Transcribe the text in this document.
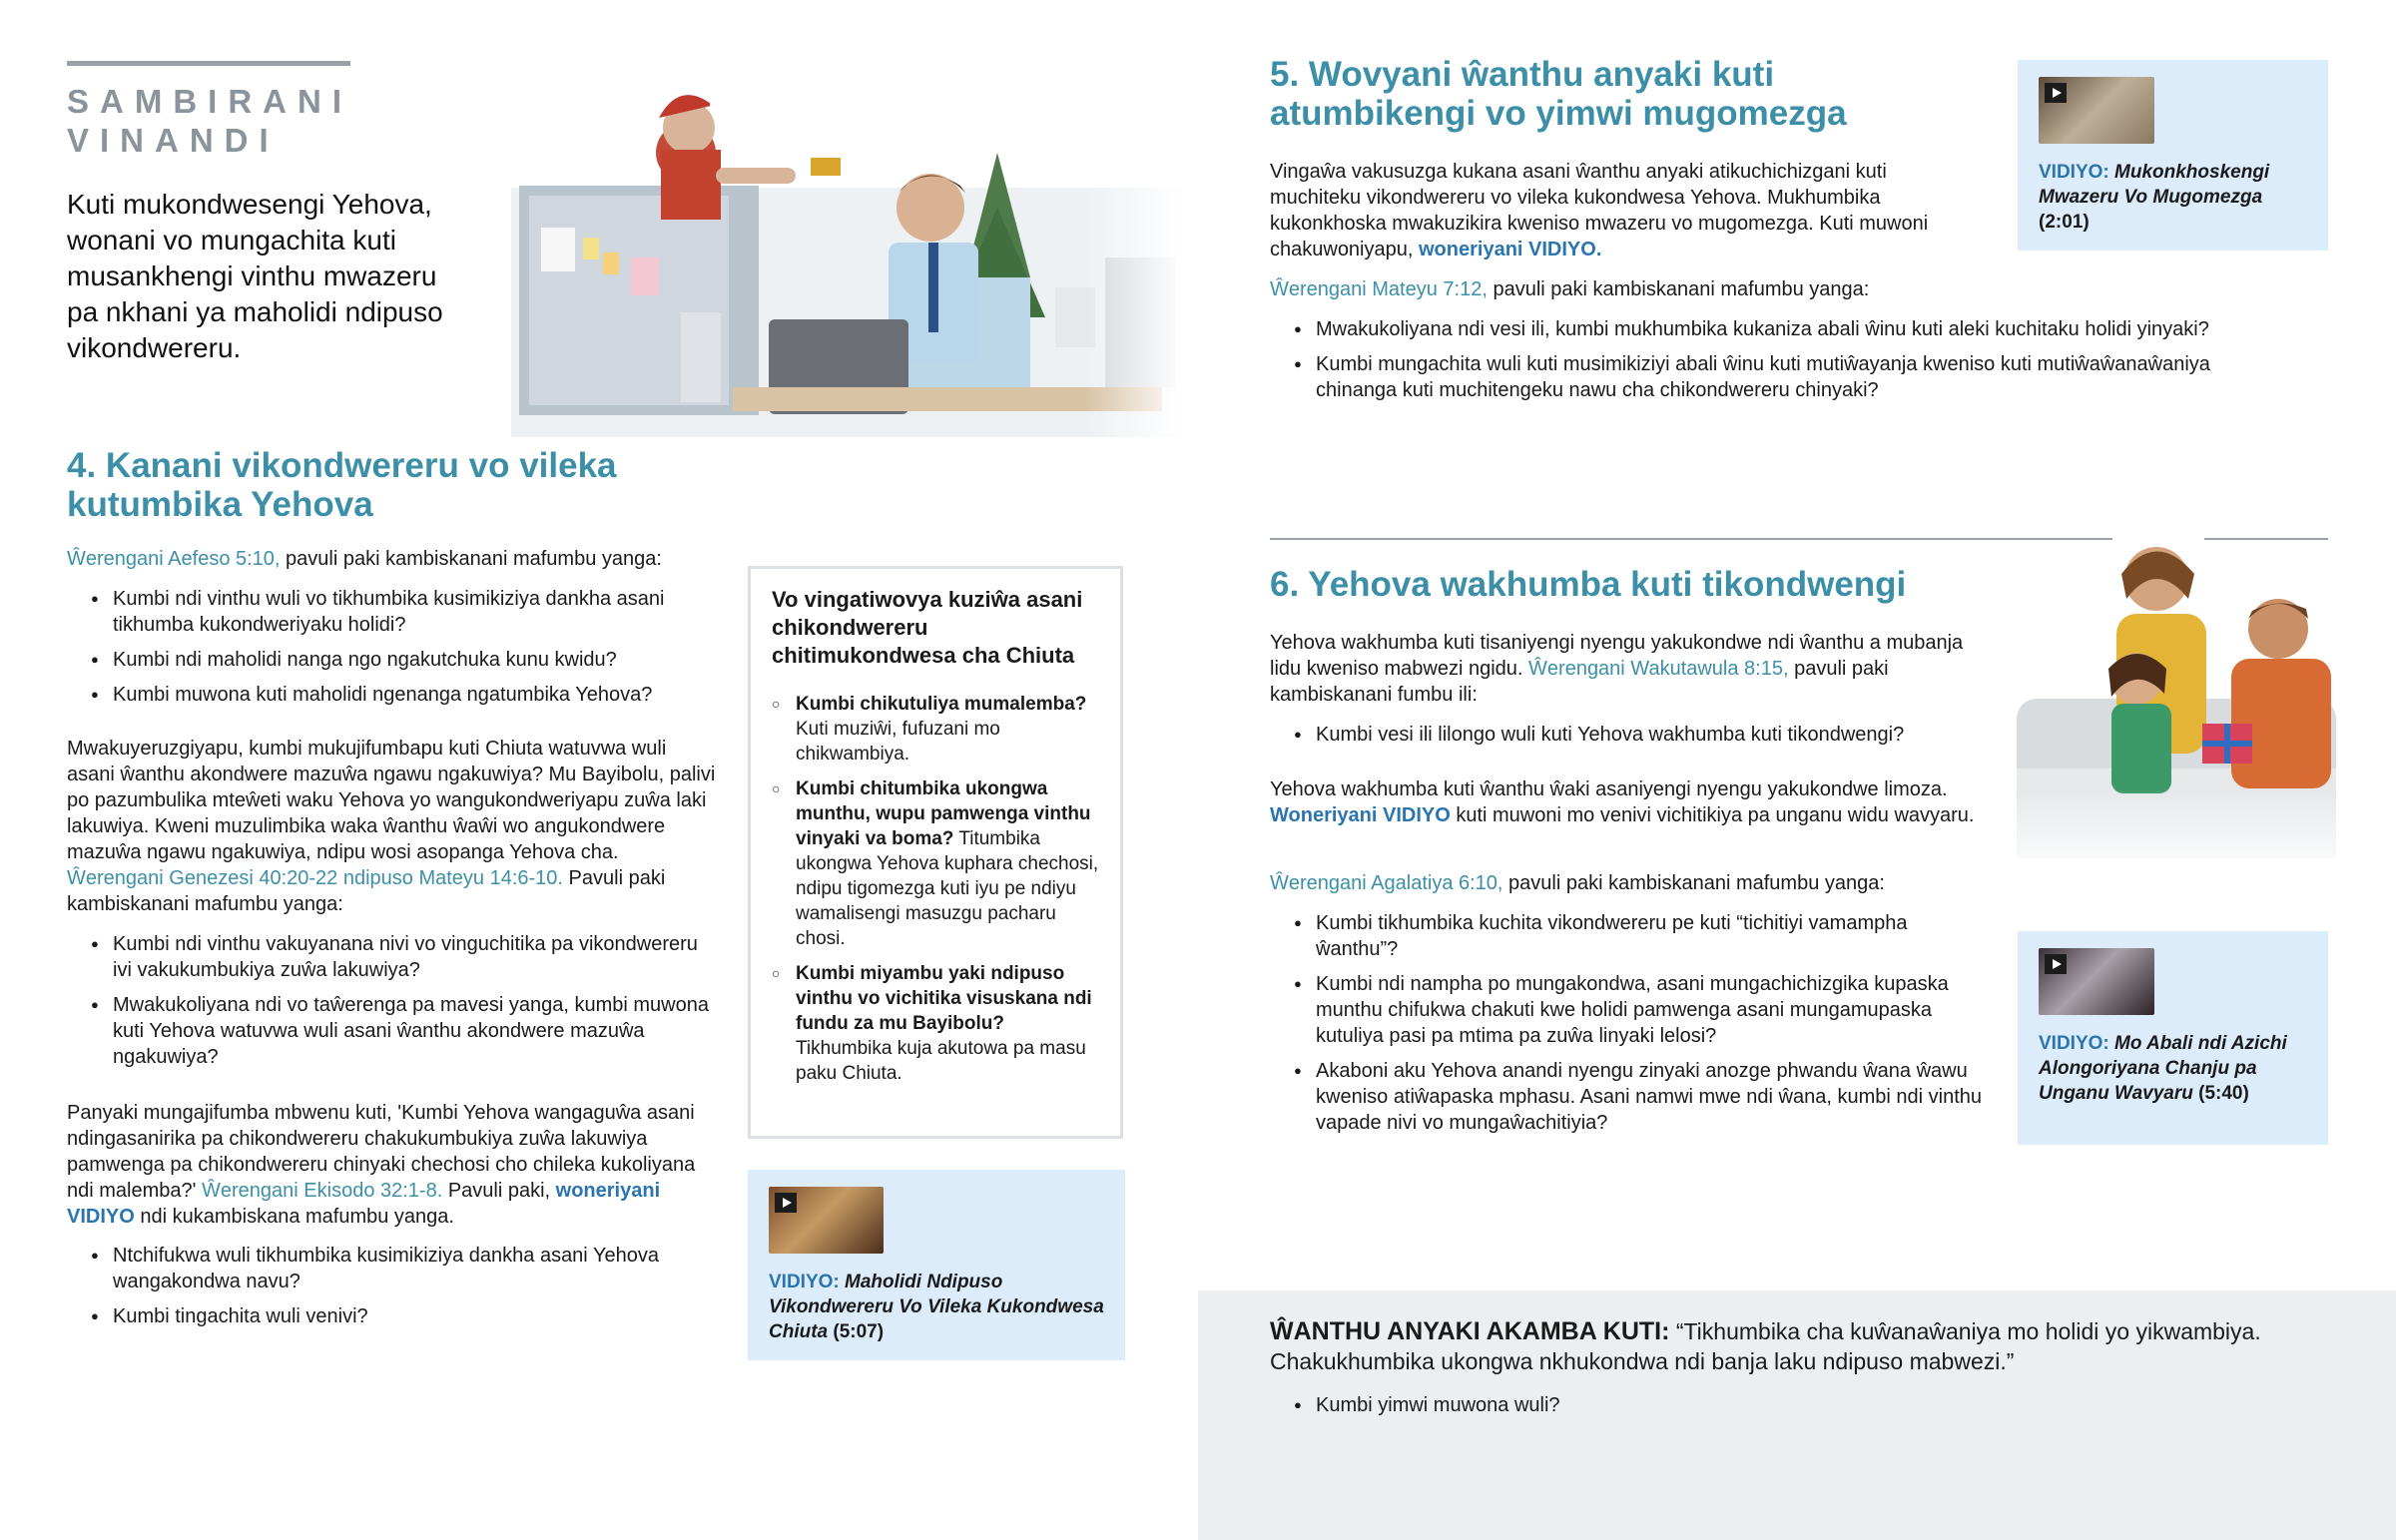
SAMBIRANI
VINANDI

Kuti mukondwesengi Yehova, wonani vo mungachita kuti musankhengi vinthu mwazeru pa nkhani ya maholidi ndipuso vikondwereru.

4. Kanani vikondwereru vo vileka kutumbika Yehova

Ŵerengani Aefeso 5:10, pavuli paki kambiskanani mafumbu yanga:

● Kumbi ndi vinthu wuli vo tikhumbika kusimikiziya dankha asani tikhumba kukondweriyaku holidi?
● Kumbi ndi maholidi nanga ngo ngakutchuka kunu kwidu?
● Kumbi muwona kuti maholidi ngenanga ngatumbika Yehova?
Mwakuyeruzgiyapu, kumbi mukujifumbapu kuti Chiuta watuvwa wuli asani ŵanthu akondwere mazuŵa ngawu ngakuwiya? Mu Bayibolu, palivi po pazumbulika mteŵeti waku Yehova yo wangukondweriyapu zuŵa laki lakuwiya. Kweni muzulimbika waka ŵanthu ŵaŵi wo angukondwere mazuŵa ngawu ngakuwiya, ndipu wosi asopanga Yehova cha. Ŵerengani Genezesi 40:20-22 ndipuso Mateyu 14:6-10. Pavuli paki kambiskanani mafumbu yanga:
● Kumbi ndi vinthu vakuyanana nivi vo vinguchitika pa vikondwereru ivi vakukumbukiya zuŵa lakuwiya?
● Mwakukoliyana ndi vo taŵerenga pa mavesi yanga, kumbi muwona kuti Yehova watuvwa wuli asani ŵanthu akondwere mazuŵa ngakuwiya?
Panyaki mungajifumba mbwenu kuti, 'Kumbi Yehova wangaguŵa asani ndingasanirika pa chikondwereru chakukumbukiya zuŵa lakuwiya pamwenga pa chikondwereru chinyaki chechosi cho chileka kukoliyana ndi malemba?' Ŵerengani Ekisodo 32:1-8. Pavuli paki, woneriyani VIDIYO ndi kukambiskana mafumbu yanga.
● Ntchifukwa wuli tikhumbika kusimikiziya dankha asani Yehova wangakondwa navu?
● Kumbi tingachita wuli venivi?
Vo vingatiwovya kuziŵa asani chikondwereru chitimukondwesa cha Chiuta
○ Kumbi chikutuliya mumalemba? Kuti muziŵi, fufuzani mo chikwambiya.
○ Kumbi chitumbika ukongwa munthu, wupu pamwenga vinthu vinyaki va boma? Titumbika ukongwa Yehova kuphara chechosi, ndipu tigomezga kuti iyu pe ndiyu wamalisengi masuzgu pacharu chosi.
○ Kumbi miyambu yaki ndipuso vinthu vo vichitika visuskana ndi fundu za mu Bayibolu? Tikhumbika kuja akutowa pa masu paku Chiuta.
VIDIYO: Maholidi Ndipuso Vikondwereru Vo Vileka Kukondwesa Chiuta (5:07)
5. Wovyani ŵanthu anyaki kuti atumbikengi vo yimwi mugomezga
Vingaŵa vakusuzga kukana asani ŵanthu anyaki atikuchichizgani kuti muchiteku vikondwereru vo vileka kukondwesa Yehova. Mukhumbika kukonkhoska mwakuzikira kweniso mwazeru vo mugomezga. Kuti muwoni chakuwoniyapu, woneriyani VIDIYO.

Ŵerengani Mateyu 7:12, pavuli paki kambiskanani mafumbu yanga:

● Mwakukoliyana ndi vesi ili, kumbi mukhumbika kukaniza abali ŵinu kuti aleki kuchitaku holidi yinyaki?
● Kumbi mungachita wuli kuti musimikiziyi abali ŵinu kuti mutiŵayanja kweniso kuti mutiŵaŵanaŵaniya chinanga kuti muchitengeku nawu cha chikondwereru chinyaki?
VIDIYO: Mukonkhoskengi Mwazeru Vo Mugomezga
(2:01)
6. Yehova wakhumba kuti tikondwengi
Yehova wakhumba kuti tisaniyengi nyengu yakukondwe ndi ŵanthu a mubanja lidu kweniso mabwezi ngidu. Ŵerengani Wakutawula 8:15, pavuli paki kambiskanani fumbu ili:
● Kumbi vesi ili lilongo wuli kuti Yehova wakhumba kuti tikondwengi?
Yehova wakhumba kuti ŵanthu ŵaki asaniyengi nyengu yakukondwe limoza. Woneriyani VIDIYO kuti muwoni mo venivi vichitikiya pa unganu widu wavyaru.

Ŵerengani Agalatiya 6:10, pavuli paki kambiskanani mafumbu yanga:

● Kumbi tikhumbika kuchita vikondwereru pe kuti “tichitiyi vamampha ŵanthu”?
● Kumbi ndi nampha po mungakondwa, asani mungachichizgika kupaska munthu chifukwa chakuti kwe holidi pamwenga asani mungamupaska kutuliya pasi pa mtima pa zuŵa linyaki lelosi?
● Akaboni aku Yehova anandi nyengu zinyaki anozge phwandu ŵana ŵawu kweniso atiŵapaska mphasu. Asani namwi mwe ndi ŵana, kumbi ndi vinthu vapade nivi vo mungaŵachitiyia?
VIDIYO: Mo Abali ndi Azichi Alongoriyana Chanju pa Unganu Wavyaru (5:40)
ŴANTHU ANYAKI AKAMBA KUTI: “Tikhumbika cha kuŵanaŵaniya mo holidi yo yikwambiya. Chakukhumbika ukongwa nkhukondwa ndi banja laku ndipuso mabwezi.”
● Kumbi yimwi muwona wuli?
